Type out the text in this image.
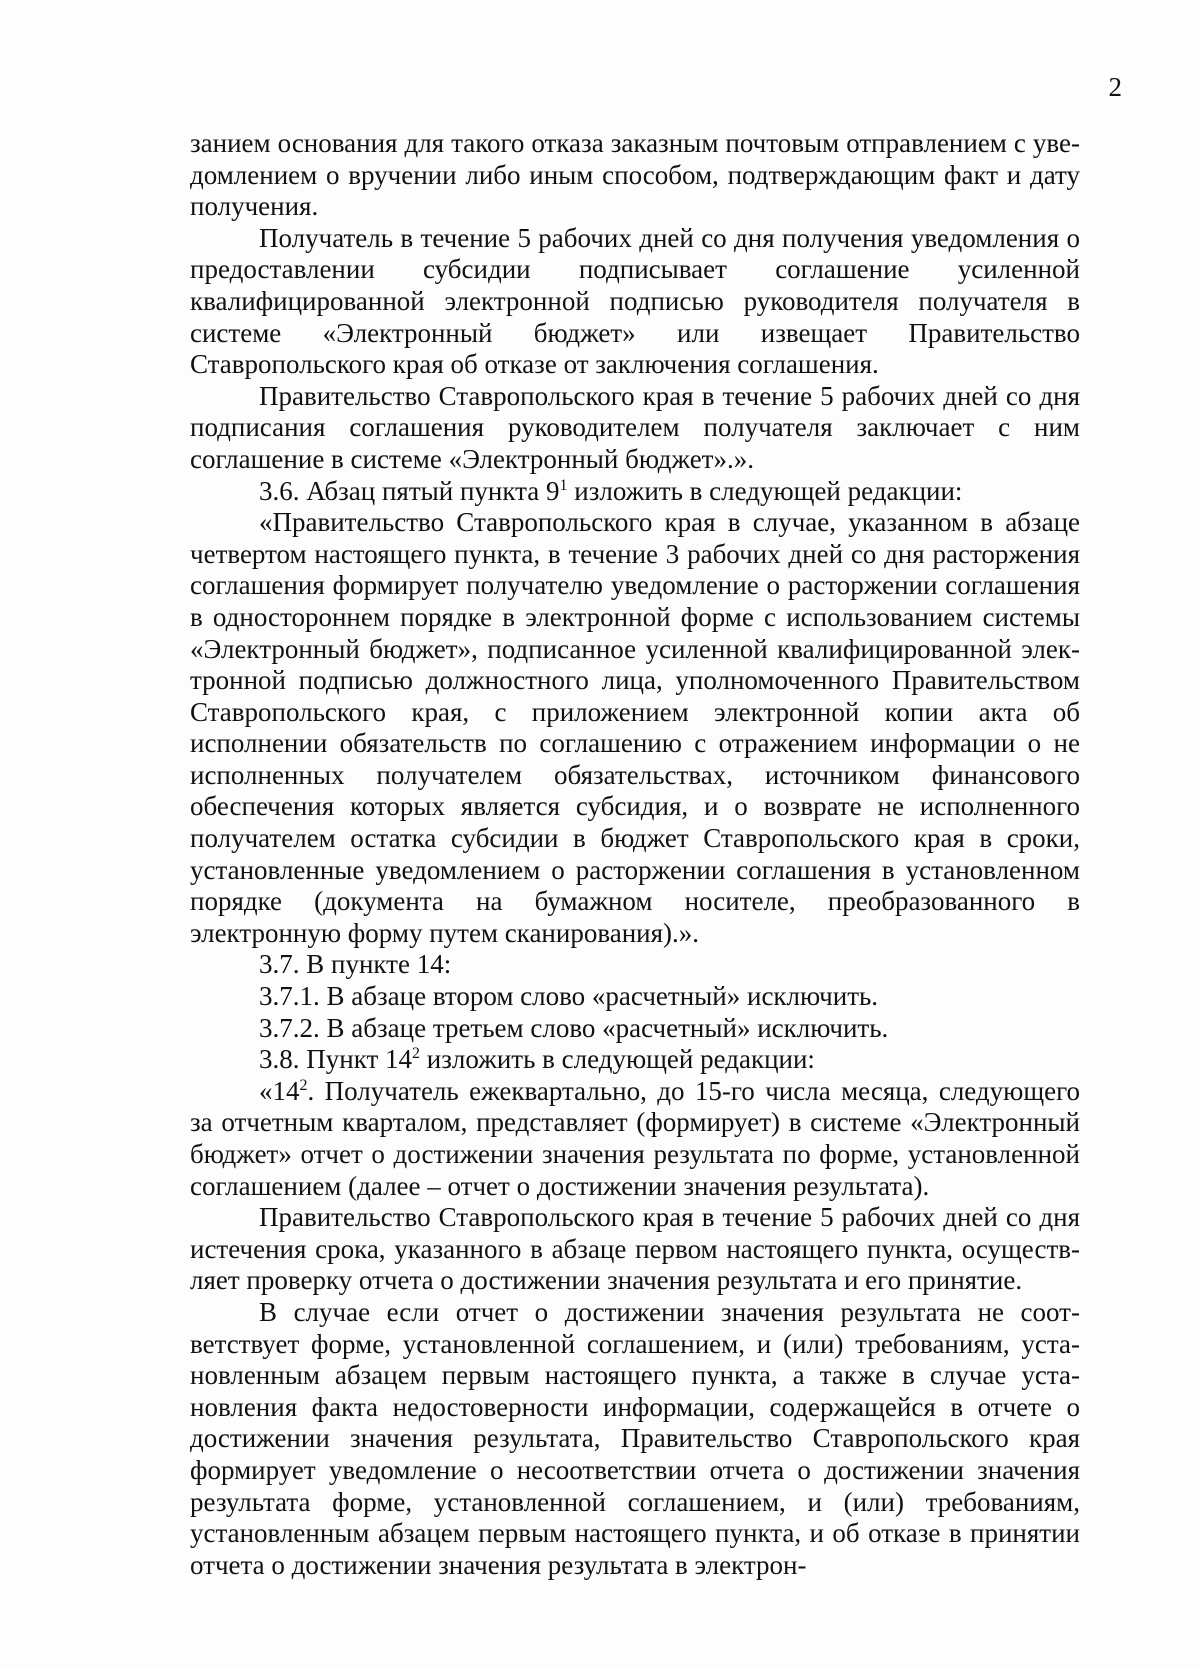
2

занием основания для такого отказа заказным почтовым отправлением с уведомлением о вручении либо иным способом, подтверждающим факт и дату получения.

Получатель в течение 5 рабочих дней со дня получения уведомления о предоставлении субсидии подписывает соглашение усиленной квалифицированной электронной подписью руководителя получателя в системе «Электронный бюджет» или извещает Правительство Ставропольского края об отказе от заключения соглашения.

Правительство Ставропольского края в течение 5 рабочих дней со дня подписания соглашения руководителем получателя заключает с ним соглашение в системе «Электронный бюджет».».

3.6. Абзац пятый пункта $9^1$ изложить в следующей редакции:

«Правительство Ставропольского края в случае, указанном в абзаце четвертом настоящего пункта, в течение 3 рабочих дней со дня расторжения соглашения формирует получателю уведомление о расторжении соглашения в одностороннем порядке в электронной форме с использованием системы «Электронный бюджет», подписанное усиленной квалифицированной электронной подписью должностного лица, уполномоченного Правительством Ставропольского края, с приложением электронной копии акта об исполнении обязательств по соглашению с отражением информации о не исполненных получателем обязательствах, источником финансового обеспечения которых является субсидия, и о возврате не исполненного получателем остатка субсидии в бюджет Ставропольского края в сроки, установленные уведомлением о расторжении соглашения в установленном порядке (документа на бумажном носителе, преобразованного в электронную форму путем сканирования).».

3.7. В пункте 14:

3.7.1. В абзаце втором слово «расчетный» исключить.

3.7.2. В абзаце третьем слово «расчетный» исключить.

3.8. Пункт $14^2$ изложить в следующей редакции:

«$14^2$. Получатель ежеквартально, до 15-го числа месяца, следующего за отчетным кварталом, представляет (формирует) в системе «Электронный бюджет» отчет о достижении значения результата по форме, установленной соглашением (далее – отчет о достижении значения результата).

Правительство Ставропольского края в течение 5 рабочих дней со дня истечения срока, указанного в абзаце первом настоящего пункта, осуществляет проверку отчета о достижении значения результата и его принятие.

В случае если отчет о достижении значения результата не соответствует форме, установленной соглашением, и (или) требованиям, установленным абзацем первым настоящего пункта, а также в случае установления факта недостоверности информации, содержащейся в отчете о достижении значения результата, Правительство Ставропольского края формирует уведомление о несоответствии отчета о достижении значения результата форме, установленной соглашением, и (или) требованиям, установленным абзацем первым настоящего пункта, и об отказе в принятии отчета о достижении значения результата в электрон-
